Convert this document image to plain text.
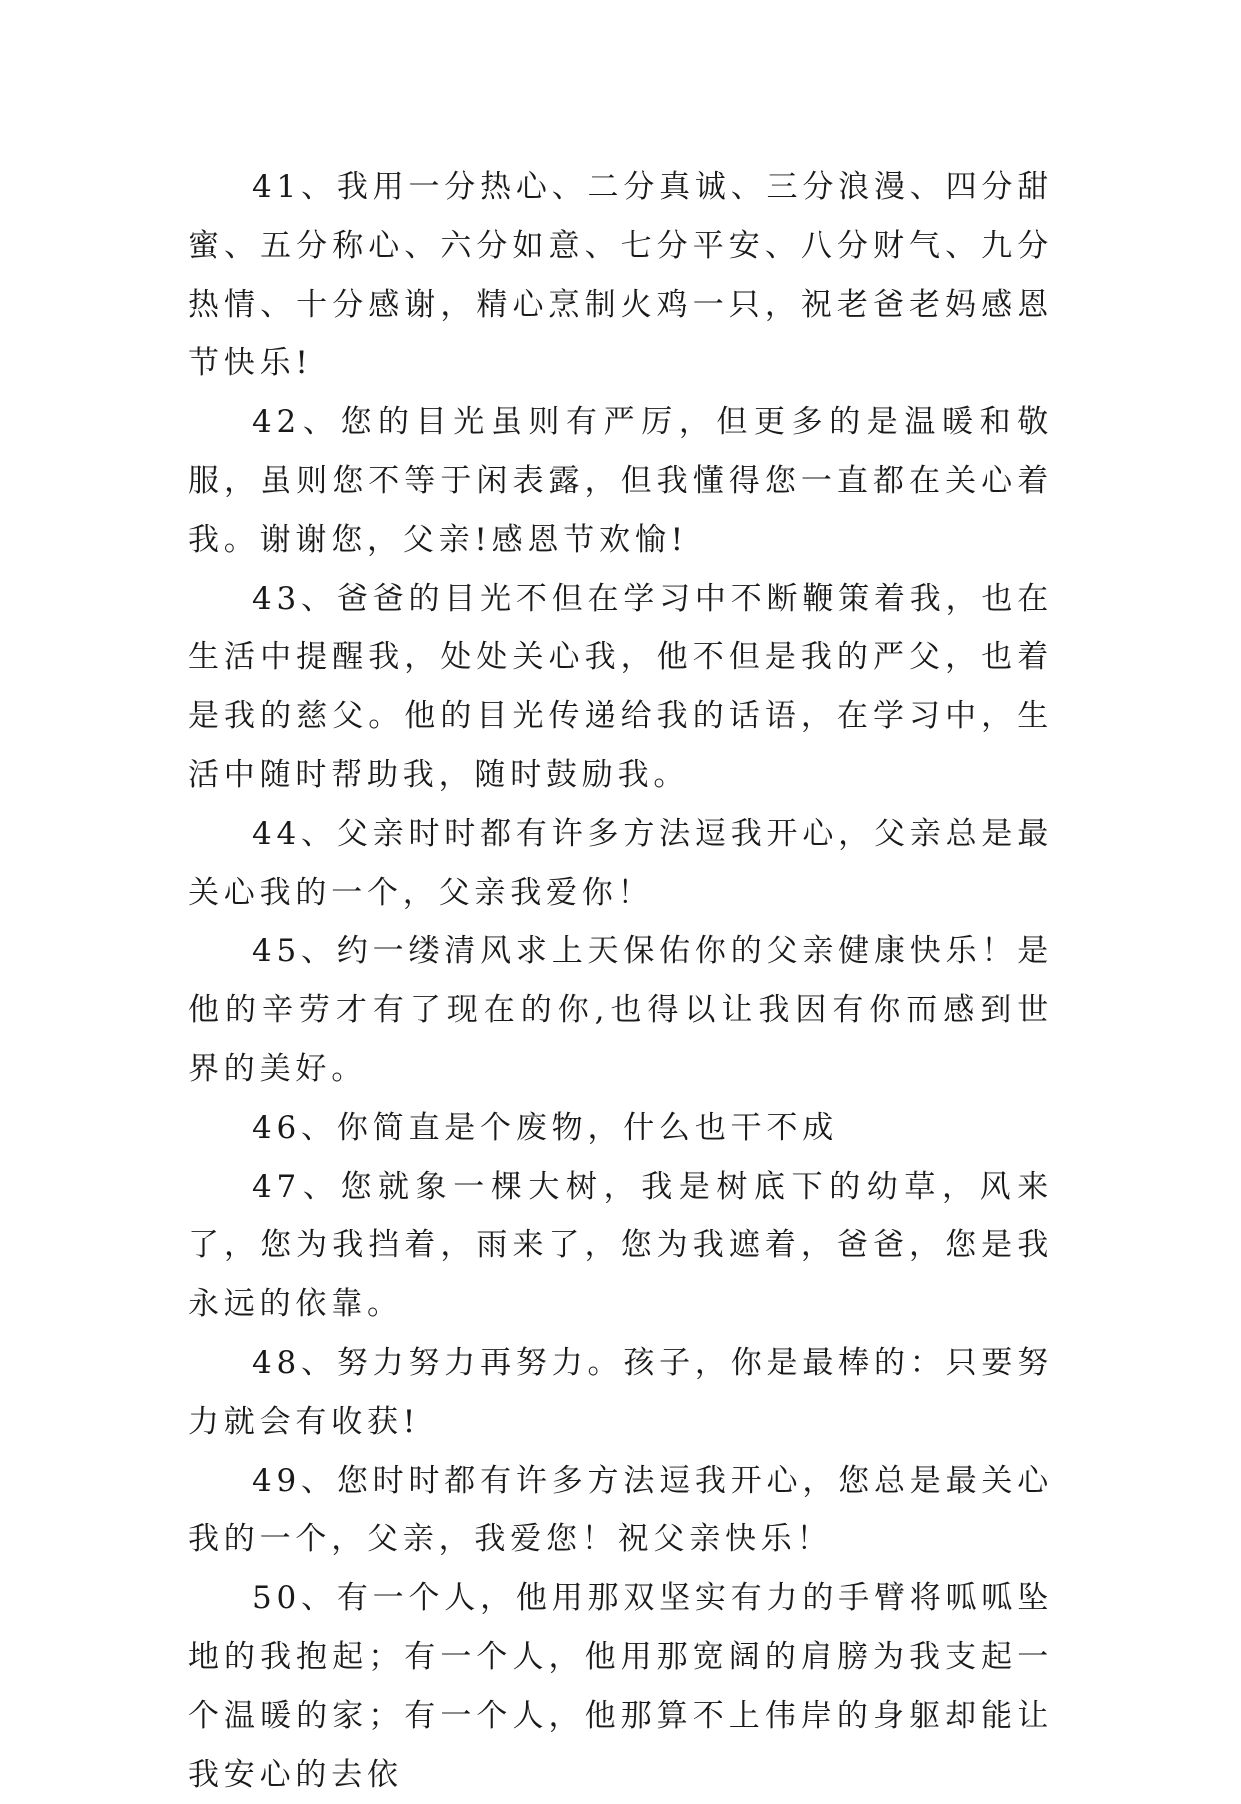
41、我用一分热心、二分真诚、三分浪漫、四分甜蜜、五分称心、六分如意、七分平安、八分财气、九分热情、十分感谢，精心烹制火鸡一只，祝老爸老妈感恩节快乐!

42、您的目光虽则有严厉，但更多的是温暖和敬服，虽则您不等于闲表露，但我懂得您一直都在关心着我。谢谢您，父亲!感恩节欢愉!

43、爸爸的目光不但在学习中不断鞭策着我，也在生活中提醒我，处处关心我，他不但是我的严父，也着是我的慈父。他的目光传递给我的话语，在学习中，生活中随时帮助我，随时鼓励我。

44、父亲时时都有许多方法逗我开心，父亲总是最关心我的一个，父亲我爱你！

45、约一缕清风求上天保佑你的父亲健康快乐！是他的辛劳才有了现在的你,也得以让我因有你而感到世界的美好。

46、你简直是个废物，什么也干不成

47、您就象一棵大树，我是树底下的幼草，风来了，您为我挡着，雨来了，您为我遮着，爸爸，您是我永远的依靠。

48、努力努力再努力。孩子，你是最棒的：只要努力就会有收获!

49、您时时都有许多方法逗我开心，您总是最关心我的一个，父亲，我爱您！祝父亲快乐！

50、有一个人，他用那双坚实有力的手臂将呱呱坠地的我抱起；有一个人，他用那宽阔的肩膀为我支起一个温暖的家；有一个人，他那算不上伟岸的身躯却能让我安心的去依
